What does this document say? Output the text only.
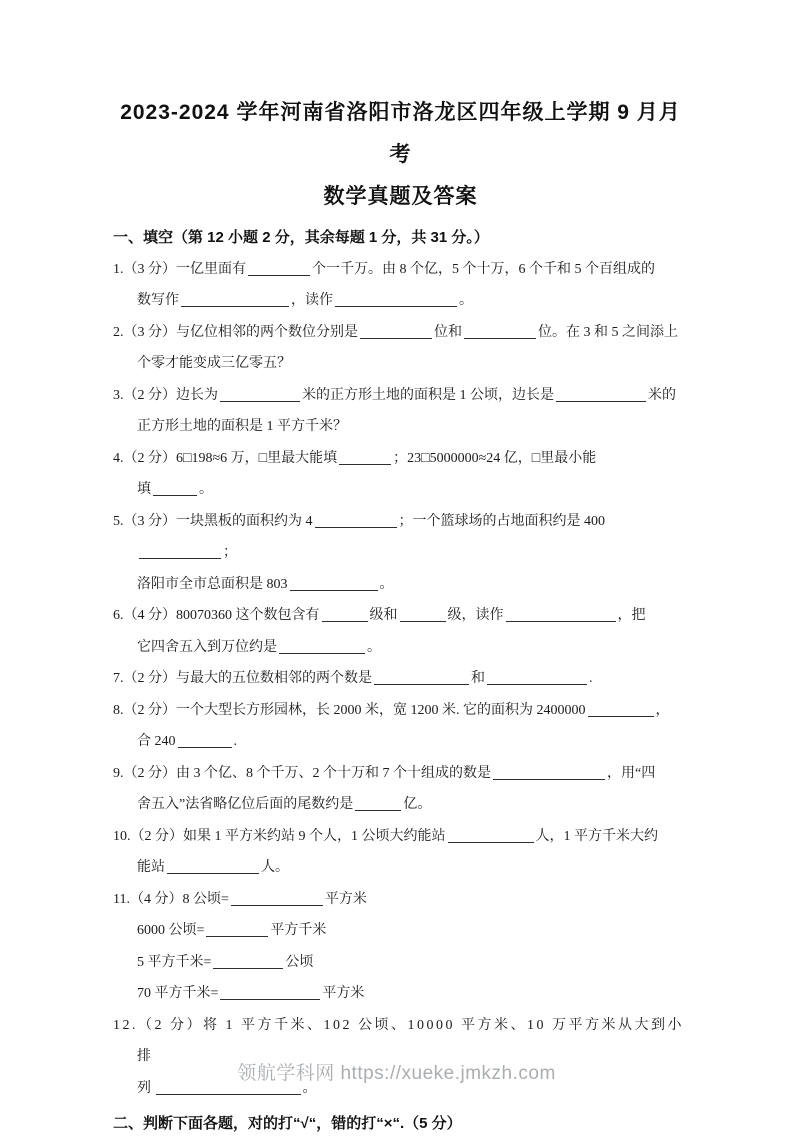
2023-2024 学年河南省洛阳市洛龙区四年级上学期 9 月月考
数学真题及答案

一、填空（第 12 小题 2 分，其余每题 1 分，共 31 分。）

1.（3 分）一亿里面有	个一千万。由 8 个亿，5 个十万，6 个千和 5 个百组成的
数写作	，读作	。

2.（3 分）与亿位相邻的两个数位分别是	位和	位。在 3 和 5 之间添上
个零才能变成三亿零五？

3.（2 分）边长为	米的正方形土地的面积是 1 公顷，边长是	米的
正方形土地的面积是 1 平方千米？

4.（2 分）6□198≈6 万，□里最大能填	；23□5000000≈24 亿，□里最小能
填	。

5.（3 分）一块黑板的面积约为 4	；一个篮球场的占地面积约是 400；
洛阳市全市总面积是 803	。

6.（4 分）80070360 这个数包含有	级和	级，读作	，把
它四舍五入到万位约是	。

7.（2 分）与最大的五位数相邻的两个数是	和	.

8.（2 分）一个大型长方形园林，长 2000 米，宽 1200 米. 它的面积为 2400000	，
合 240	.

9.（2 分）由 3 个亿、8 个千万、2 个十万和 7 个十组成的数是	，用“四
舍五入”法省略亿位后面的尾数约是	亿。

10.（2 分）如果 1 平方米约站 9 个人，1 公顷大约能站	人，1 平方千米大约
能站	人。

11.（4 分）8 公顷=	平方米
6000 公顷=	平方千米
5 平方千米=	公顷
70 平方千米=	平方米

12.（2 分）将 1 平方千米、102 公顷、10000 平方米、10 万平方米从大到小排
列	。

二、判断下面各题，对的打“√“，错的打“×“.（5 分）

领航学科网 https://xueke.jmkzh.com
